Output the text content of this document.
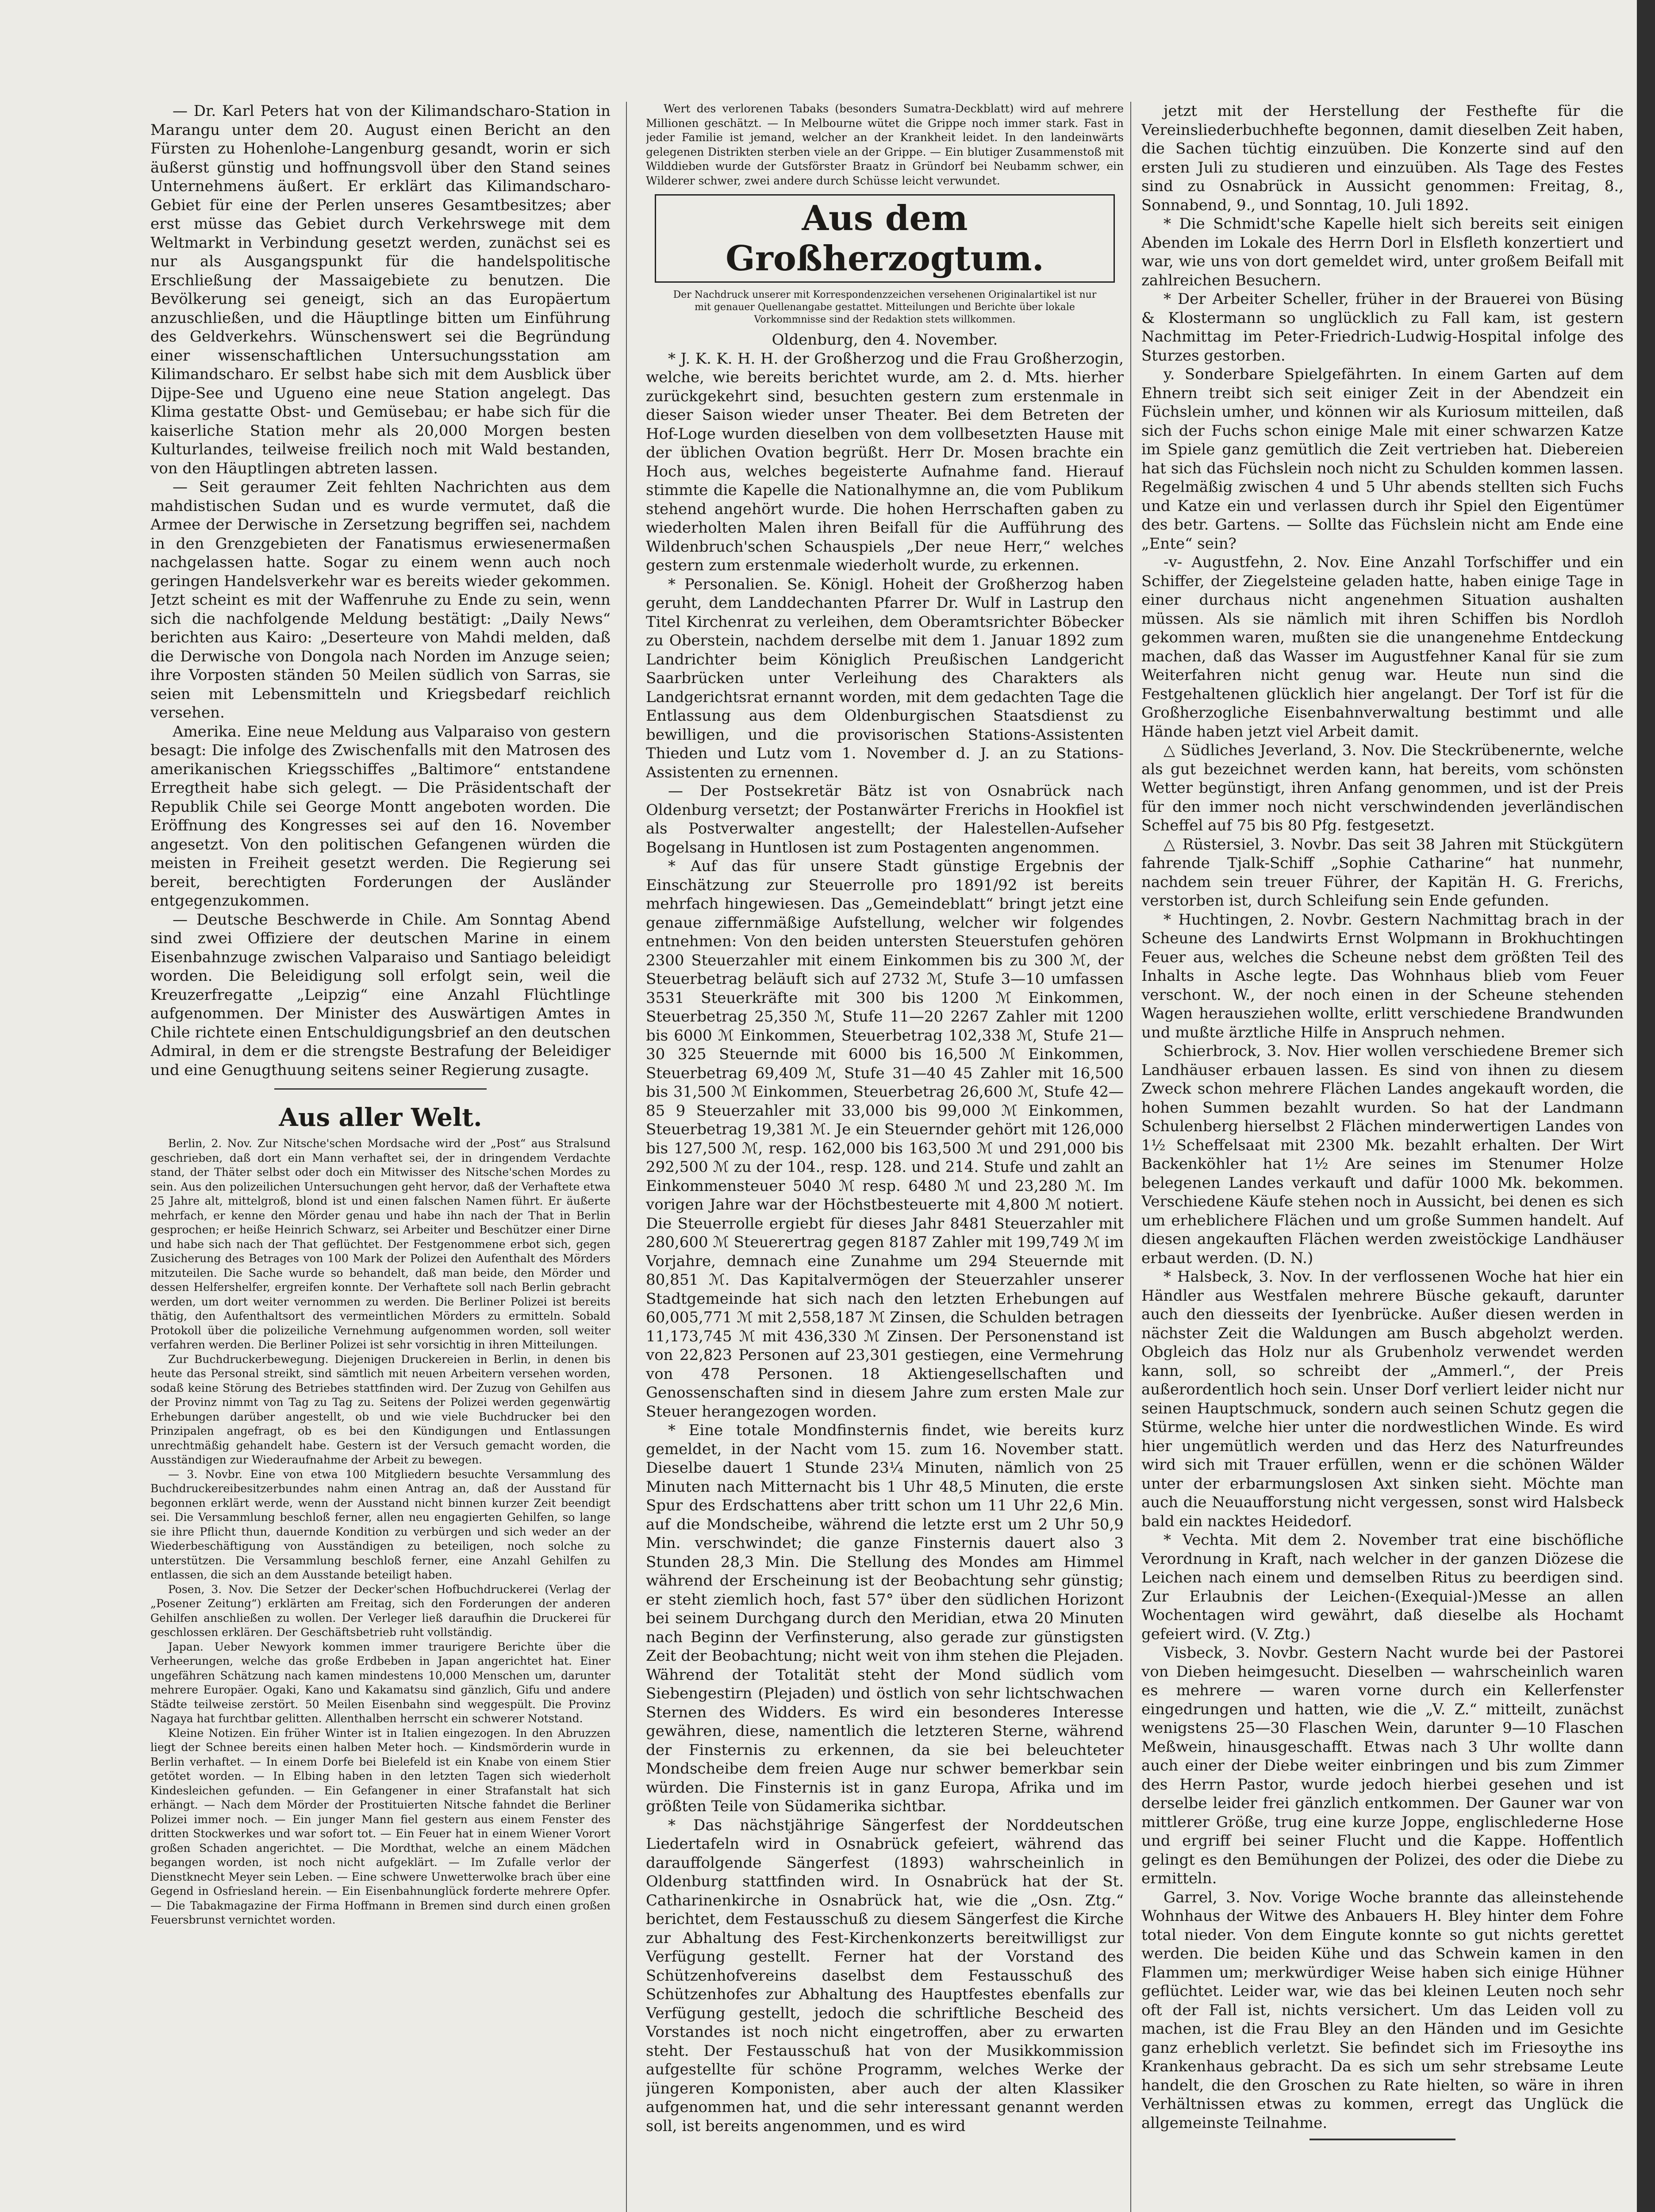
— Dr. Karl Peters hat von der Kilimandscharo-Station in Marangu unter dem 20. August einen Bericht an den Fürsten zu Hohenlohe-Langenburg gesandt, worin er sich äußerst günstig und hoffnungsvoll über den Stand seines Unternehmens äußert. Er erklärt das Kilimandscharo-Gebiet für eine der Perlen unseres Gesamtbesitzes; aber erst müsse das Gebiet durch Verkehrswege mit dem Weltmarkt in Verbindung gesetzt werden, zunächst sei es nur als Ausgangspunkt für die handelspolitische Erschließung der Massaigebiete zu benutzen. Die Bevölkerung sei geneigt, sich an das Europäertum anzuschließen, und die Häuptlinge bitten um Einführung des Geldverkehrs. Wünschenswert sei die Begründung einer wissenschaftlichen Untersuchungsstation am Kilimandscharo. Er selbst habe sich mit dem Ausblick über Dijpe-See und Ugueno eine neue Station angelegt. Das Klima gestatte Obst- und Gemüsebau; er habe sich für die kaiserliche Station mehr als 20,000 Morgen besten Kulturlandes, teilweise freilich noch mit Wald bestanden, von den Häuptlingen abtreten lassen.

— Seit geraumer Zeit fehlten Nachrichten aus dem mahdistischen Sudan und es wurde vermutet, daß die Armee der Derwische in Zersetzung begriffen sei, nachdem in den Grenzgebieten der Fanatismus erwiesenermaßen nachgelassen hatte. Sogar zu einem wenn auch noch geringen Handelsverkehr war es bereits wieder gekommen. Jetzt scheint es mit der Waffenruhe zu Ende zu sein, wenn sich die nachfolgende Meldung bestätigt: „Daily News“ berichten aus Kairo: „Deserteure von Mahdi melden, daß die Derwische von Dongola nach Norden im Anzuge seien; ihre Vorposten ständen 50 Meilen südlich von Sarras, sie seien mit Lebensmitteln und Kriegsbedarf reichlich versehen.

Amerika. Eine neue Meldung aus Valparaiso von gestern besagt: Die infolge des Zwischenfalls mit den Matrosen des amerikanischen Kriegsschiffes „Baltimore“ entstandene Erregtheit habe sich gelegt. — Die Präsidentschaft der Republik Chile sei George Montt angeboten worden. Die Eröffnung des Kongresses sei auf den 16. November angesetzt. Von den politischen Gefangenen würden die meisten in Freiheit gesetzt werden. Die Regierung sei bereit, berechtigten Forderungen der Ausländer entgegenzukommen.

— Deutsche Beschwerde in Chile. Am Sonntag Abend sind zwei Offiziere der deutschen Marine in einem Eisenbahnzuge zwischen Valparaiso und Santiago beleidigt worden. Die Beleidigung soll erfolgt sein, weil die Kreuzerfregatte „Leipzig“ eine Anzahl Flüchtlinge aufgenommen. Der Minister des Auswärtigen Amtes in Chile richtete einen Entschuldigungsbrief an den deutschen Admiral, in dem er die strengste Bestrafung der Beleidiger und eine Genugthuung seitens seiner Regierung zusagte.

Aus aller Welt.

Berlin, 2. Nov. Zur Nitsche'schen Mordsache wird der „Post“ aus Stralsund geschrieben, daß dort ein Mann verhaftet sei, der in dringendem Verdachte stand, der Thäter selbst oder doch ein Mitwisser des Nitsche'schen Mordes zu sein. Aus den polizeilichen Untersuchungen geht hervor, daß der Verhaftete etwa 25 Jahre alt, mittelgroß, blond ist und einen falschen Namen führt. Er äußerte mehrfach, er kenne den Mörder genau und habe ihn nach der That in Berlin gesprochen; er heiße Heinrich Schwarz, sei Arbeiter und Beschützer einer Dirne und habe sich nach der That geflüchtet. Der Festgenommene erbot sich, gegen Zusicherung des Betrages von 100 Mark der Polizei den Aufenthalt des Mörders mitzuteilen. Die Sache wurde so behandelt, daß man beide, den Mörder und dessen Helfershelfer, ergreifen konnte. Der Verhaftete soll nach Berlin gebracht werden, um dort weiter vernommen zu werden. Die Berliner Polizei ist bereits thätig, den Aufenthaltsort des vermeintlichen Mörders zu ermitteln. Sobald Protokoll über die polizeiliche Vernehmung aufgenommen worden, soll weiter verfahren werden. Die Berliner Polizei ist sehr vorsichtig in ihren Mitteilungen.

Zur Buchdruckerbewegung. Diejenigen Druckereien in Berlin, in denen bis heute das Personal streikt, sind sämtlich mit neuen Arbeitern versehen worden, sodaß keine Störung des Betriebes stattfinden wird. Der Zuzug von Gehilfen aus der Provinz nimmt von Tag zu Tag zu. Seitens der Polizei werden gegenwärtig Erhebungen darüber angestellt, ob und wie viele Buchdrucker bei den Prinzipalen angefragt, ob es bei den Kündigungen und Entlassungen unrechtmäßig gehandelt habe. Gestern ist der Versuch gemacht worden, die Ausständigen zur Wiederaufnahme der Arbeit zu bewegen.

— 3. Novbr. Eine von etwa 100 Mitgliedern besuchte Versammlung des Buchdruckereibesitzerbundes nahm einen Antrag an, daß der Ausstand für begonnen erklärt werde, wenn der Ausstand nicht binnen kurzer Zeit beendigt sei. Die Versammlung beschloß ferner, allen neu engagierten Gehilfen, so lange sie ihre Pflicht thun, dauernde Kondition zu verbürgen und sich weder an der Wiederbeschäftigung von Ausständigen zu beteiligen, noch solche zu unterstützen. Die Versammlung beschloß ferner, eine Anzahl Gehilfen zu entlassen, die sich an dem Ausstande beteiligt haben.

Posen, 3. Nov. Die Setzer der Decker'schen Hofbuchdruckerei (Verlag der „Posener Zeitung“) erklärten am Freitag, sich den Forderungen der anderen Gehilfen anschließen zu wollen. Der Verleger ließ daraufhin die Druckerei für geschlossen erklären. Der Geschäftsbetrieb ruht vollständig.

Japan. Ueber Newyork kommen immer traurigere Berichte über die Verheerungen, welche das große Erdbeben in Japan angerichtet hat. Einer ungefähren Schätzung nach kamen mindestens 10,000 Menschen um, darunter mehrere Europäer. Ogaki, Kano und Kakamatsu sind gänzlich, Gifu und andere Städte teilweise zerstört. 50 Meilen Eisenbahn sind weggespült. Die Provinz Nagaya hat furchtbar gelitten. Allenthalben herrscht ein schwerer Notstand.

Kleine Notizen. Ein früher Winter ist in Italien eingezogen. In den Abruzzen liegt der Schnee bereits einen halben Meter hoch. — Kindsmörderin wurde in Berlin verhaftet. — In einem Dorfe bei Bielefeld ist ein Knabe von einem Stier getötet worden. — In Elbing haben in den letzten Tagen sich wiederholt Kindesleichen gefunden. — Ein Gefangener in einer Strafanstalt hat sich erhängt. — Nach dem Mörder der Prostituierten Nitsche fahndet die Berliner Polizei immer noch. — Ein junger Mann fiel gestern aus einem Fenster des dritten Stockwerkes und war sofort tot. — Ein Feuer hat in einem Wiener Vorort großen Schaden angerichtet. — Die Mordthat, welche an einem Mädchen begangen worden, ist noch nicht aufgeklärt. — Im Zufalle verlor der Dienstknecht Meyer sein Leben. — Eine schwere Unwetterwolke brach über eine Gegend in Osfriesland herein. — Ein Eisenbahnunglück forderte mehrere Opfer. — Die Tabakmagazine der Firma Hoffmann in Bremen sind durch einen großen Feuersbrunst vernichtet worden.

Wert des verlorenen Tabaks (besonders Sumatra-Deckblatt) wird auf mehrere Millionen geschätzt. — In Melbourne wütet die Grippe noch immer stark. Fast in jeder Familie ist jemand, welcher an der Krankheit leidet. In den landeinwärts gelegenen Distrikten sterben viele an der Grippe. — Ein blutiger Zusammenstoß mit Wilddieben wurde der Gutsförster Braatz in Gründorf bei Neubamm schwer, ein Wilderer schwer, zwei andere durch Schüsse leicht verwundet.

Aus dem Großherzogtum.
Der Nachdruck unserer mit Korrespondenzzeichen versehenen Originalartikel ist nur mit genauer Quellenangabe gestattet. Mitteilungen und Berichte über lokale Vorkommnisse sind der Redaktion stets willkommen.

Oldenburg, den 4. November.

* J. K. K. H. H. der Großherzog und die Frau Großherzogin, welche, wie bereits berichtet wurde, am 2. d. Mts. hierher zurückgekehrt sind, besuchten gestern zum erstenmale in dieser Saison wieder unser Theater. Bei dem Betreten der Hof-Loge wurden dieselben von dem vollbesetzten Hause mit der üblichen Ovation begrüßt. Herr Dr. Mosen brachte ein Hoch aus, welches begeisterte Aufnahme fand. Hierauf stimmte die Kapelle die Nationalhymne an, die vom Publikum stehend angehört wurde. Die hohen Herrschaften gaben zu wiederholten Malen ihren Beifall für die Aufführung des Wildenbruch'schen Schauspiels „Der neue Herr,“ welches gestern zum erstenmale wiederholt wurde, zu erkennen.

* Personalien. Se. Königl. Hoheit der Großherzog haben geruht, dem Landdechanten Pfarrer Dr. Wulf in Lastrup den Titel Kirchenrat zu verleihen, dem Oberamtsrichter Böbecker zu Oberstein, nachdem derselbe mit dem 1. Januar 1892 zum Landrichter beim Königlich Preußischen Landgericht Saarbrücken unter Verleihung des Charakters als Landgerichtsrat ernannt worden, mit dem gedachten Tage die Entlassung aus dem Oldenburgischen Staatsdienst zu bewilligen, und die provisorischen Stations-Assistenten Thieden und Lutz vom 1. November d. J. an zu Stations-Assistenten zu ernennen.

— Der Postsekretär Bätz ist von Osnabrück nach Oldenburg versetzt; der Postanwärter Frerichs in Hookfiel ist als Postverwalter angestellt; der Halestellen-Aufseher Bogelsang in Huntlosen ist zum Postagenten angenommen.

* Auf das für unsere Stadt günstige Ergebnis der Einschätzung zur Steuerrolle pro 1891/92 ist bereits mehrfach hingewiesen. Das „Gemeindeblatt“ bringt jetzt eine genaue ziffernmäßige Aufstellung, welcher wir folgendes entnehmen: Von den beiden untersten Steuerstufen gehören 2300 Steuerzahler mit einem Einkommen bis zu 300 ℳ, der Steuerbetrag beläuft sich auf 2732 ℳ, Stufe 3—10 umfassen 3531 Steuerkräfte mit 300 bis 1200 ℳ Einkommen, Steuerbetrag 25,350 ℳ, Stufe 11—20 2267 Zahler mit 1200 bis 6000 ℳ Einkommen, Steuerbetrag 102,338 ℳ, Stufe 21—30 325 Steuernde mit 6000 bis 16,500 ℳ Einkommen, Steuerbetrag 69,409 ℳ, Stufe 31—40 45 Zahler mit 16,500 bis 31,500 ℳ Einkommen, Steuerbetrag 26,600 ℳ, Stufe 42—85 9 Steuerzahler mit 33,000 bis 99,000 ℳ Einkommen, Steuerbetrag 19,381 ℳ. Je ein Steuernder gehört mit 126,000 bis 127,500 ℳ, resp. 162,000 bis 163,500 ℳ und 291,000 bis 292,500 ℳ zu der 104., resp. 128. und 214. Stufe und zahlt an Einkommensteuer 5040 ℳ resp. 6480 ℳ und 23,280 ℳ. Im vorigen Jahre war der Höchstbesteuerte mit 4,800 ℳ notiert. Die Steuerrolle ergiebt für dieses Jahr 8481 Steuerzahler mit 280,600 ℳ Steuerertrag gegen 8187 Zahler mit 199,749 ℳ im Vorjahre, demnach eine Zunahme um 294 Steuernde mit 80,851 ℳ. Das Kapitalvermögen der Steuerzahler unserer Stadtgemeinde hat sich nach den letzten Erhebungen auf 60,005,771 ℳ mit 2,558,187 ℳ Zinsen, die Schulden betragen 11,173,745 ℳ mit 436,330 ℳ Zinsen. Der Personenstand ist von 22,823 Personen auf 23,301 gestiegen, eine Vermehrung von 478 Personen. 18 Aktiengesellschaften und Genossenschaften sind in diesem Jahre zum ersten Male zur Steuer herangezogen worden.

* Eine totale Mondfinsternis findet, wie bereits kurz gemeldet, in der Nacht vom 15. zum 16. November statt. Dieselbe dauert 1 Stunde 23¼ Minuten, nämlich von 25 Minuten nach Mitternacht bis 1 Uhr 48,5 Minuten, die erste Spur des Erdschattens aber tritt schon um 11 Uhr 22,6 Min. auf die Mondscheibe, während die letzte erst um 2 Uhr 50,9 Min. verschwindet; die ganze Finsternis dauert also 3 Stunden 28,3 Min. Die Stellung des Mondes am Himmel während der Erscheinung ist der Beobachtung sehr günstig; er steht ziemlich hoch, fast 57° über den südlichen Horizont bei seinem Durchgang durch den Meridian, etwa 20 Minuten nach Beginn der Verfinsterung, also gerade zur günstigsten Zeit der Beobachtung; nicht weit von ihm stehen die Plejaden. Während der Totalität steht der Mond südlich vom Siebengestirn (Plejaden) und östlich von sehr lichtschwachen Sternen des Widders. Es wird ein besonderes Interesse gewähren, diese, namentlich die letzteren Sterne, während der Finsternis zu erkennen, da sie bei beleuchteter Mondscheibe dem freien Auge nur schwer bemerkbar sein würden. Die Finsternis ist in ganz Europa, Afrika und im größten Teile von Südamerika sichtbar.

* Das nächstjährige Sängerfest der Norddeutschen Liedertafeln wird in Osnabrück gefeiert, während das darauffolgende Sängerfest (1893) wahrscheinlich in Oldenburg stattfinden wird. In Osnabrück hat der St. Catharinenkirche in Osnabrück hat, wie die „Osn. Ztg.“ berichtet, dem Festausschuß zu diesem Sängerfest die Kirche zur Abhaltung des Fest-Kirchenkonzerts bereitwilligst zur Verfügung gestellt. Ferner hat der Vorstand des Schützenhofvereins daselbst dem Festausschuß des Schützenhofes zur Abhaltung des Hauptfestes ebenfalls zur Verfügung gestellt, jedoch die schriftliche Bescheid des Vorstandes ist noch nicht eingetroffen, aber zu erwarten steht. Der Festausschuß hat von der Musikkommission aufgestellte für schöne Programm, welches Werke der jüngeren Komponisten, aber auch der alten Klassiker aufgenommen hat, und die sehr interessant genannt werden soll, ist bereits angenommen, und es wird

jetzt mit der Herstellung der Festhefte für die Vereinsliederbuchhefte begonnen, damit dieselben Zeit haben, die Sachen tüchtig einzuüben. Die Konzerte sind auf den ersten Juli zu studieren und einzuüben. Als Tage des Festes sind zu Osnabrück in Aussicht genommen: Freitag, 8., Sonnabend, 9., und Sonntag, 10. Juli 1892.

* Die Schmidt'sche Kapelle hielt sich bereits seit einigen Abenden im Lokale des Herrn Dorl in Elsfleth konzertiert und war, wie uns von dort gemeldet wird, unter großem Beifall mit zahlreichen Besuchern.

* Der Arbeiter Scheller, früher in der Brauerei von Büsing & Klostermann so unglücklich zu Fall kam, ist gestern Nachmittag im Peter-Friedrich-Ludwig-Hospital infolge des Sturzes gestorben.

y. Sonderbare Spielgefährten. In einem Garten auf dem Ehnern treibt sich seit einiger Zeit in der Abendzeit ein Füchslein umher, und können wir als Kuriosum mitteilen, daß sich der Fuchs schon einige Male mit einer schwarzen Katze im Spiele ganz gemütlich die Zeit vertrieben hat. Diebereien hat sich das Füchslein noch nicht zu Schulden kommen lassen. Regelmäßig zwischen 4 und 5 Uhr abends stellten sich Fuchs und Katze ein und verlassen durch ihr Spiel den Eigentümer des betr. Gartens. — Sollte das Füchslein nicht am Ende eine „Ente“ sein?

-v- Augustfehn, 2. Nov. Eine Anzahl Torfschiffer und ein Schiffer, der Ziegelsteine geladen hatte, haben einige Tage in einer durchaus nicht angenehmen Situation aushalten müssen. Als sie nämlich mit ihren Schiffen bis Nordloh gekommen waren, mußten sie die unangenehme Entdeckung machen, daß das Wasser im Augustfehner Kanal für sie zum Weiterfahren nicht genug war. Heute nun sind die Festgehaltenen glücklich hier angelangt. Der Torf ist für die Großherzogliche Eisenbahnverwaltung bestimmt und alle Hände haben jetzt viel Arbeit damit.

△ Südliches Jeverland, 3. Nov. Die Steckrübenernte, welche als gut bezeichnet werden kann, hat bereits, vom schönsten Wetter begünstigt, ihren Anfang genommen, und ist der Preis für den immer noch nicht verschwindenden jeverländischen Scheffel auf 75 bis 80 Pfg. festgesetzt.

△ Rüstersiel, 3. Novbr. Das seit 38 Jahren mit Stückgütern fahrende Tjalk-Schiff „Sophie Catharine“ hat nunmehr, nachdem sein treuer Führer, der Kapitän H. G. Frerichs, verstorben ist, durch Schleifung sein Ende gefunden.

* Huchtingen, 2. Novbr. Gestern Nachmittag brach in der Scheune des Landwirts Ernst Wolpmann in Brokhuchtingen Feuer aus, welches die Scheune nebst dem größten Teil des Inhalts in Asche legte. Das Wohnhaus blieb vom Feuer verschont. W., der noch einen in der Scheune stehenden Wagen herausziehen wollte, erlitt verschiedene Brandwunden und mußte ärztliche Hilfe in Anspruch nehmen.

Schierbrock, 3. Nov. Hier wollen verschiedene Bremer sich Landhäuser erbauen lassen. Es sind von ihnen zu diesem Zweck schon mehrere Flächen Landes angekauft worden, die hohen Summen bezahlt wurden. So hat der Landmann Schulenberg hierselbst 2 Flächen minderwertigen Landes von 1½ Scheffelsaat mit 2300 Mk. bezahlt erhalten. Der Wirt Backenköhler hat 1½ Are seines im Stenumer Holze belegenen Landes verkauft und dafür 1000 Mk. bekommen. Verschiedene Käufe stehen noch in Aussicht, bei denen es sich um erheblichere Flächen und um große Summen handelt. Auf diesen angekauften Flächen werden zweistöckige Landhäuser erbaut werden. (D. N.)

* Halsbeck, 3. Nov. In der verflossenen Woche hat hier ein Händler aus Westfalen mehrere Büsche gekauft, darunter auch den diesseits der Iyenbrücke. Außer diesen werden in nächster Zeit die Waldungen am Busch abgeholzt werden. Obgleich das Holz nur als Grubenholz verwendet werden kann, soll, so schreibt der „Ammerl.“, der Preis außerordentlich hoch sein. Unser Dorf verliert leider nicht nur seinen Hauptschmuck, sondern auch seinen Schutz gegen die Stürme, welche hier unter die nordwestlichen Winde. Es wird hier ungemütlich werden und das Herz des Naturfreundes wird sich mit Trauer erfüllen, wenn er die schönen Wälder unter der erbarmungslosen Axt sinken sieht. Möchte man auch die Neuaufforstung nicht vergessen, sonst wird Halsbeck bald ein nacktes Heidedorf.

* Vechta. Mit dem 2. November trat eine bischöfliche Verordnung in Kraft, nach welcher in der ganzen Diözese die Leichen nach einem und demselben Ritus zu beerdigen sind. Zur Erlaubnis der Leichen-(Exequial-)Messe an allen Wochentagen wird gewährt, daß dieselbe als Hochamt gefeiert wird. (V. Ztg.)

Visbeck, 3. Novbr. Gestern Nacht wurde bei der Pastorei von Dieben heimgesucht. Dieselben — wahrscheinlich waren es mehrere — waren vorne durch ein Kellerfenster eingedrungen und hatten, wie die „V. Z.“ mitteilt, zunächst wenigstens 25—30 Flaschen Wein, darunter 9—10 Flaschen Meßwein, hinausgeschafft. Etwas nach 3 Uhr wollte dann auch einer der Diebe weiter einbringen und bis zum Zimmer des Herrn Pastor, wurde jedoch hierbei gesehen und ist derselbe leider frei gänzlich entkommen. Der Gauner war von mittlerer Größe, trug eine kurze Joppe, englischlederne Hose und ergriff bei seiner Flucht und die Kappe. Hoffentlich gelingt es den Bemühungen der Polizei, des oder die Diebe zu ermitteln.

Garrel, 3. Nov. Vorige Woche brannte das alleinstehende Wohnhaus der Witwe des Anbauers H. Bley hinter dem Fohre total nieder. Von dem Eingute konnte so gut nichts gerettet werden. Die beiden Kühe und das Schwein kamen in den Flammen um; merkwürdiger Weise haben sich einige Hühner geflüchtet. Leider war, wie das bei kleinen Leuten noch sehr oft der Fall ist, nichts versichert. Um das Leiden voll zu machen, ist die Frau Bley an den Händen und im Gesichte ganz erheblich verletzt. Sie befindet sich im Friesoythe ins Krankenhaus gebracht. Da es sich um sehr strebsame Leute handelt, die den Groschen zu Rate hielten, so wäre in ihren Verhältnissen etwas zu kommen, erregt das Unglück die allgemeinste Teilnahme.
